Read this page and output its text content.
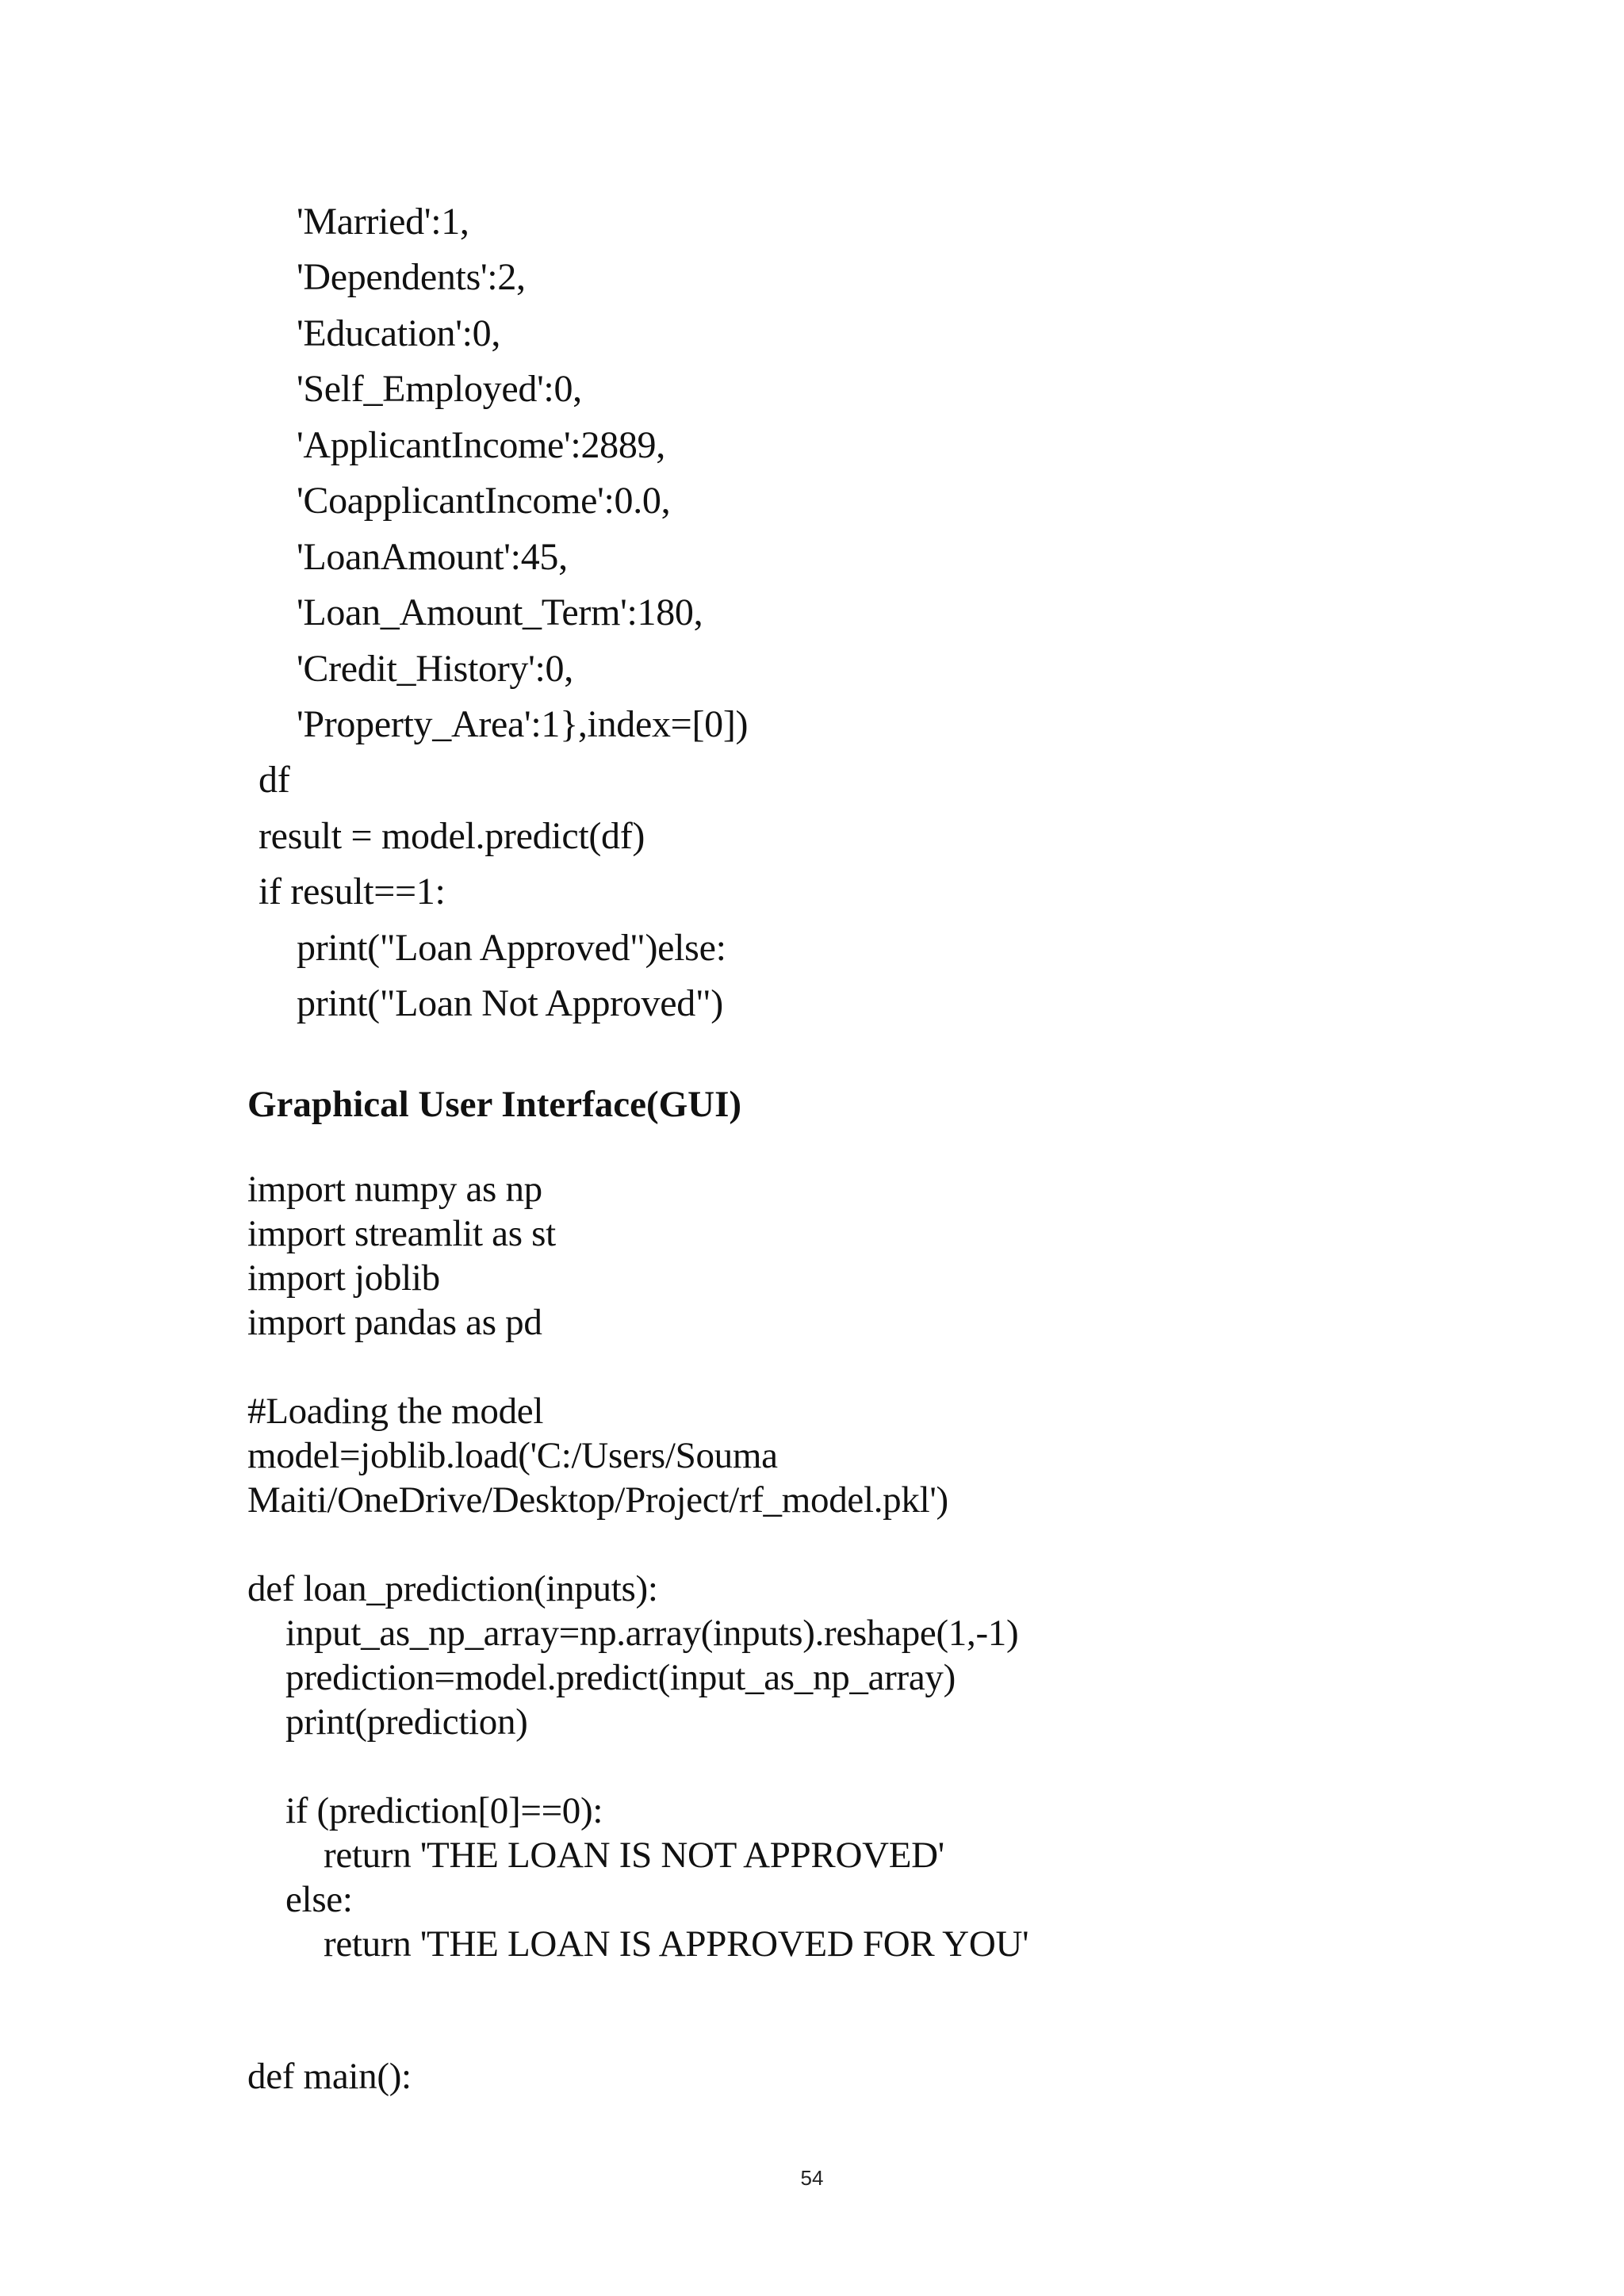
'Married':1,
'Dependents':2,
'Education':0,
'Self_Employed':0,
'ApplicantIncome':2889,
'CoapplicantIncome':0.0,
'LoanAmount':45,
'Loan_Amount_Term':180,
'Credit_History':0,
'Property_Area':1},index=[0])
df
result = model.predict(df)
if result==1:
print("Loan Approved")else:
print("Loan Not Approved")
Graphical User Interface(GUI)
import numpy as np
import streamlit as st
import joblib
import pandas as pd
#Loading the model
model=joblib.load('C:/Users/Souma
Maiti/OneDrive/Desktop/Project/rf_model.pkl')
def loan_prediction(inputs):
input_as_np_array=np.array(inputs).reshape(1,-1)
prediction=model.predict(input_as_np_array)
print(prediction)
if (prediction[0]==0):
return 'THE LOAN IS NOT APPROVED'
else:
return 'THE LOAN IS APPROVED FOR YOU'
def main():
54
